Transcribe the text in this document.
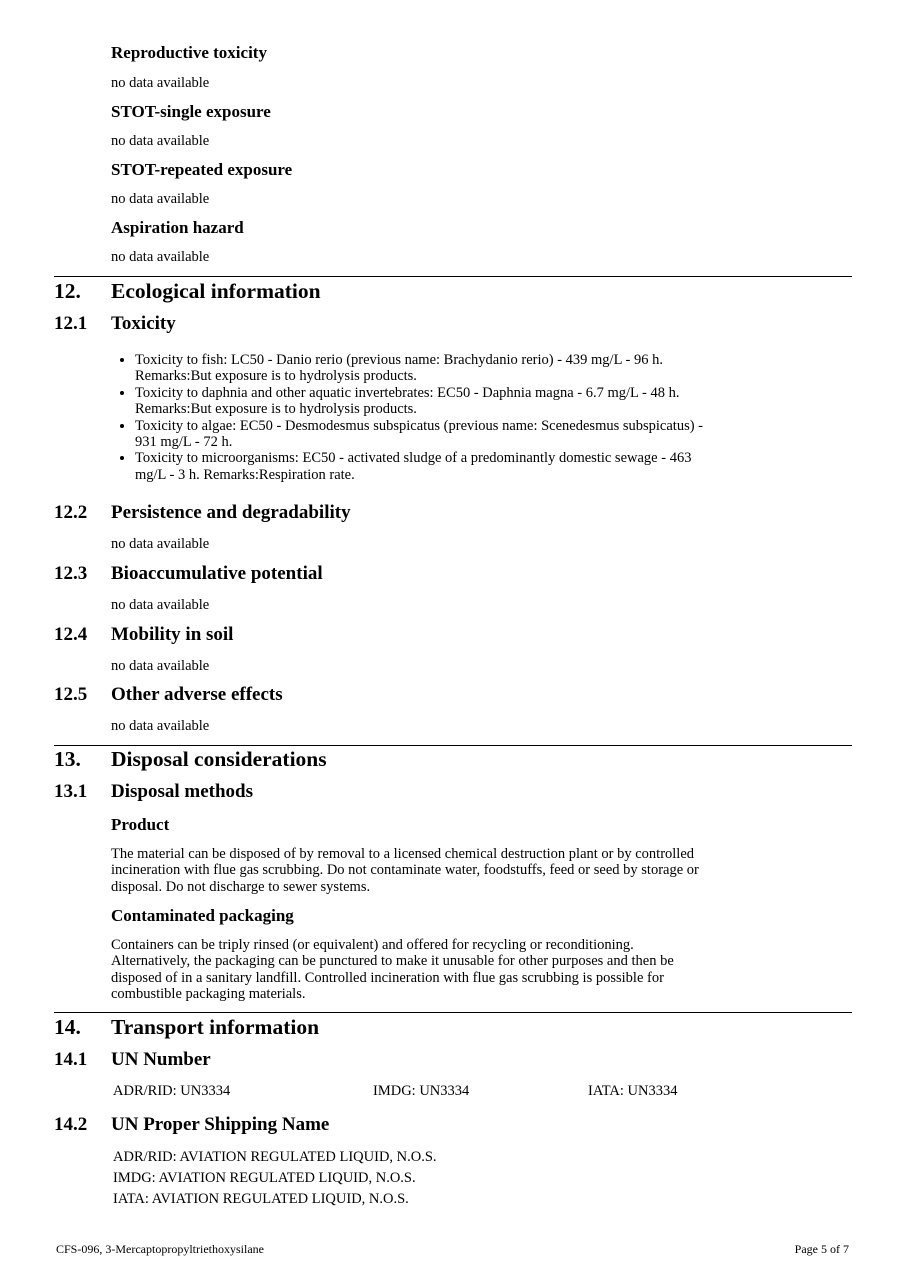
Reproductive toxicity
no data available
STOT-single exposure
no data available
STOT-repeated exposure
no data available
Aspiration hazard
no data available
12. Ecological information
12.1 Toxicity
• Toxicity to fish: LC50 - Danio rerio (previous name: Brachydanio rerio) - 439 mg/L - 96 h.
Remarks:But exposure is to hydrolysis products.
• Toxicity to daphnia and other aquatic invertebrates: EC50 - Daphnia magna - 6.7 mg/L - 48 h.
Remarks:But exposure is to hydrolysis products.
• Toxicity to algae: EC50 - Desmodesmus subspicatus (previous name: Scenedesmus subspicatus) -
931 mg/L - 72 h.
• Toxicity to microorganisms: EC50 - activated sludge of a predominantly domestic sewage - 463
mg/L - 3 h. Remarks:Respiration rate.
12.2 Persistence and degradability
no data available
12.3 Bioaccumulative potential
no data available
12.4 Mobility in soil
no data available
12.5 Other adverse effects
no data available
13. Disposal considerations
13.1 Disposal methods
Product
The material can be disposed of by removal to a licensed chemical destruction plant or by controlled
incineration with flue gas scrubbing. Do not contaminate water, foodstuffs, feed or seed by storage or
disposal. Do not discharge to sewer systems.
Contaminated packaging
Containers can be triply rinsed (or equivalent) and offered for recycling or reconditioning.
Alternatively, the packaging can be punctured to make it unusable for other purposes and then be
disposed of in a sanitary landfill. Controlled incineration with flue gas scrubbing is possible for
combustible packaging materials.
14. Transport information
14.1 UN Number
ADR/RID: UN3334	IMDG: UN3334	IATA: UN3334
14.2 UN Proper Shipping Name
ADR/RID: AVIATION REGULATED LIQUID, N.O.S.
IMDG: AVIATION REGULATED LIQUID, N.O.S.
IATA: AVIATION REGULATED LIQUID, N.O.S.
CFS-096, 3-Mercaptopropyltriethoxysilane	Page 5 of 7
